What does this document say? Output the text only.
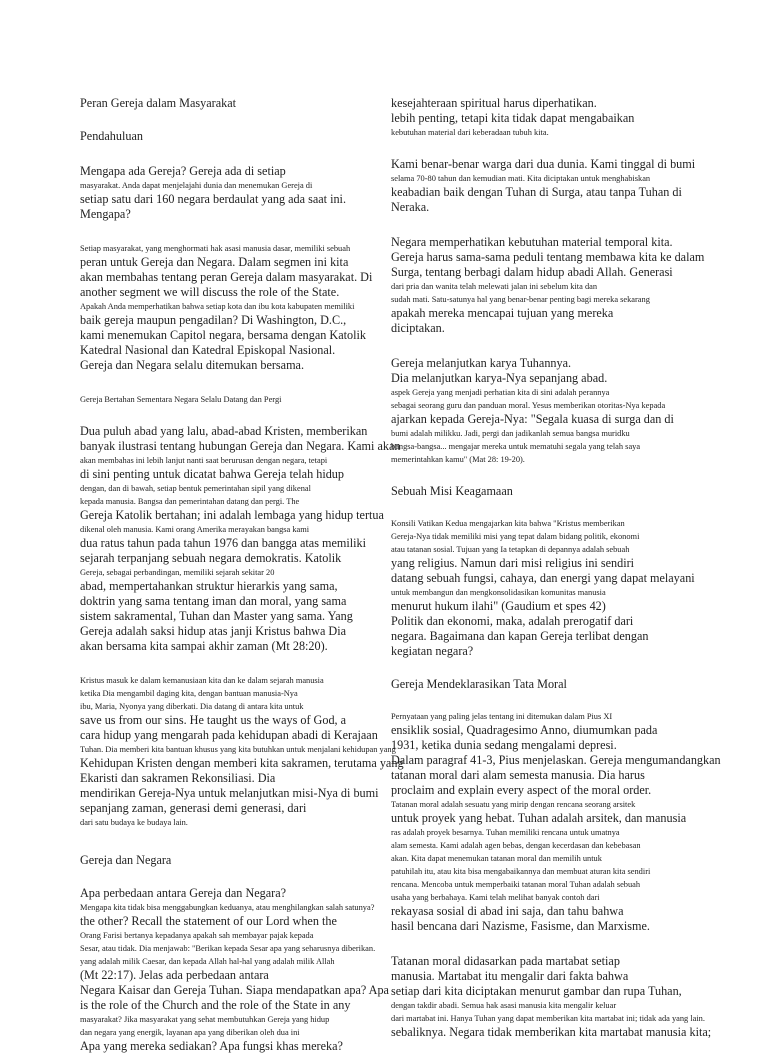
Peran Gereja dalam Masyarakat
Pendahuluan
Mengapa ada Gereja? Gereja ada di setiap
masyarakat. Anda dapat menjelajahi dunia dan menemukan Gereja di
setiap satu dari 160 negara berdaulat yang ada saat ini.
Mengapa?
Setiap masyarakat, yang menghormati hak asasi manusia dasar, memiliki sebuah
peran untuk Gereja dan Negara. Dalam segmen ini kita
akan membahas tentang peran Gereja dalam masyarakat. Di
another segment we will discuss the role of the State.
Apakah Anda memperhatikan bahwa setiap kota dan ibu kota kabupaten memiliki
baik gereja maupun pengadilan? Di Washington, D.C.,
kami menemukan Capitol negara, bersama dengan Katolik
Katedral Nasional dan Katedral Episkopal Nasional.
Gereja dan Negara selalu ditemukan bersama.
Gereja Bertahan Sementara Negara Selalu Datang dan Pergi
Dua puluh abad yang lalu, abad-abad Kristen, memberikan
banyak ilustrasi tentang hubungan Gereja dan Negara. Kami akan
akan membahas ini lebih lanjut nanti saat berurusan dengan negara, tetapi
di sini penting untuk dicatat bahwa Gereja telah hidup
dengan, dan di bawah, setiap bentuk pemerintahan sipil yang dikenal
kepada manusia. Bangsa dan pemerintahan datang dan pergi. The
Gereja Katolik bertahan; ini adalah lembaga yang hidup tertua
dikenal oleh manusia. Kami orang Amerika merayakan bangsa kami
dua ratus tahun pada tahun 1976 dan bangga atas memiliki
sejarah terpanjang sebuah negara demokratis. Katolik
Gereja, sebagai perbandingan, memiliki sejarah sekitar 20
abad, mempertahankan struktur hierarkis yang sama,
doktrin yang sama tentang iman dan moral, yang sama
sistem sakramental, Tuhan dan Master yang sama. Yang
Gereja adalah saksi hidup atas janji Kristus bahwa Dia
akan bersama kita sampai akhir zaman (Mt 28:20).
Kristus masuk ke dalam kemanusiaan kita dan ke dalam sejarah manusia
ketika Dia mengambil daging kita, dengan bantuan manusia-Nya
ibu, Maria, Nyonya yang diberkati. Dia datang di antara kita untuk
save us from our sins. He taught us the ways of God, a
cara hidup yang mengarah pada kehidupan abadi di Kerajaan
Tuhan. Dia memberi kita bantuan khusus yang kita butuhkan untuk menjalani kehidupan yang
Kehidupan Kristen dengan memberi kita sakramen, terutama yang
Ekaristi dan sakramen Rekonsiliasi. Dia
mendirikan Gereja-Nya untuk melanjutkan misi-Nya di bumi
sepanjang zaman, generasi demi generasi, dari
dari satu budaya ke budaya lain.
Gereja dan Negara
Apa perbedaan antara Gereja dan Negara?
Mengapa kita tidak bisa menggabungkan keduanya, atau menghilangkan salah satunya?
the other? Recall the statement of our Lord when the
Orang Farisi bertanya kepadanya apakah sah membayar pajak kepada
Sesar, atau tidak. Dia menjawab: "Berikan kepada Sesar apa yang seharusnya diberikan.
yang adalah milik Caesar, dan kepada Allah hal-hal yang adalah milik Allah
(Mt 22:17). Jelas ada perbedaan antara
Negara Kaisar dan Gereja Tuhan. Siapa mendapatkan apa? Apa
is the role of the Church and the role of the State in any
masyarakat? Jika masyarakat yang sehat membutuhkan Gereja yang hidup
dan negara yang energik, layanan apa yang diberikan oleh dua ini
Apa yang mereka sediakan? Apa fungsi khas mereka?
kesejahteraan spiritual harus diperhatikan.
lebih penting, tetapi kita tidak dapat mengabaikan
kebutuhan material dari keberadaan tubuh kita.
Kami benar-benar warga dari dua dunia. Kami tinggal di bumi
selama 70-80 tahun dan kemudian mati. Kita diciptakan untuk menghabiskan
keabadian baik dengan Tuhan di Surga, atau tanpa Tuhan di
Neraka.
Negara memperhatikan kebutuhan material temporal kita.
Gereja harus sama-sama peduli tentang membawa kita ke dalam
Surga, tentang berbagi dalam hidup abadi Allah. Generasi
dari pria dan wanita telah melewati jalan ini sebelum kita dan
sudah mati. Satu-satunya hal yang benar-benar penting bagi mereka sekarang
apakah mereka mencapai tujuan yang mereka
diciptakan.
Gereja melanjutkan karya Tuhannya.
Dia melanjutkan karya-Nya sepanjang abad.
aspek Gereja yang menjadi perhatian kita di sini adalah perannya
sebagai seorang guru dan panduan moral. Yesus memberikan otoritas-Nya kepada
ajarkan kepada Gereja-Nya: "Segala kuasa di surga dan di
bumi adalah milikku. Jadi, pergi dan jadikanlah semua bangsa muridku
bangsa-bangsa... mengajar mereka untuk mematuhi segala yang telah saya
memerintahkan kamu" (Mat 28: 19-20).
Sebuah Misi Keagamaan
Konsili Vatikan Kedua mengajarkan kita bahwa "Kristus memberikan
Gereja-Nya tidak memiliki misi yang tepat dalam bidang politik, ekonomi
atau tatanan sosial. Tujuan yang Ia tetapkan di depannya adalah sebuah
yang religius. Namun dari misi religius ini sendiri
datang sebuah fungsi, cahaya, dan energi yang dapat melayani
untuk membangun dan mengkonsolidasikan komunitas manusia
menurut hukum ilahi" (Gaudium et spes 42)
Politik dan ekonomi, maka, adalah prerogatif dari
negara. Bagaimana dan kapan Gereja terlibat dengan
kegiatan negara?
Gereja Mendeklarasikan Tata Moral
Pernyataan yang paling jelas tentang ini ditemukan dalam Pius XI
ensiklik sosial, Quadragesimo Anno, diumumkan pada
1931, ketika dunia sedang mengalami depresi.
Dalam paragraf 41-3, Pius menjelaskan. Gereja mengumandangkan
tatanan moral dari alam semesta manusia. Dia harus
proclaim and explain every aspect of the moral order.
Tatanan moral adalah sesuatu yang mirip dengan rencana seorang arsitek
untuk proyek yang hebat. Tuhan adalah arsitek, dan manusia
ras adalah proyek besarnya. Tuhan memiliki rencana untuk umatnya
alam semesta. Kami adalah agen bebas, dengan kecerdasan dan kebebasan
akan. Kita dapat menemukan tatanan moral dan memilih untuk
patuhilah itu, atau kita bisa mengabaikannya dan membuat aturan kita sendiri
rencana. Mencoba untuk memperbaiki tatanan moral Tuhan adalah sebuah
usaha yang berbahaya. Kami telah melihat banyak contoh dari
rekayasa sosial di abad ini saja, dan tahu bahwa
hasil bencana dari Nazisme, Fasisme, dan Marxisme.
Tatanan moral didasarkan pada martabat setiap
manusia. Martabat itu mengalir dari fakta bahwa
setiap dari kita diciptakan menurut gambar dan rupa Tuhan,
dengan takdir abadi. Semua hak asasi manusia kita mengalir keluar
dari martabat ini. Hanya Tuhan yang dapat memberikan kita martabat ini; tidak ada yang lain.
sebaliknya. Negara tidak memberikan kita martabat manusia kita;
